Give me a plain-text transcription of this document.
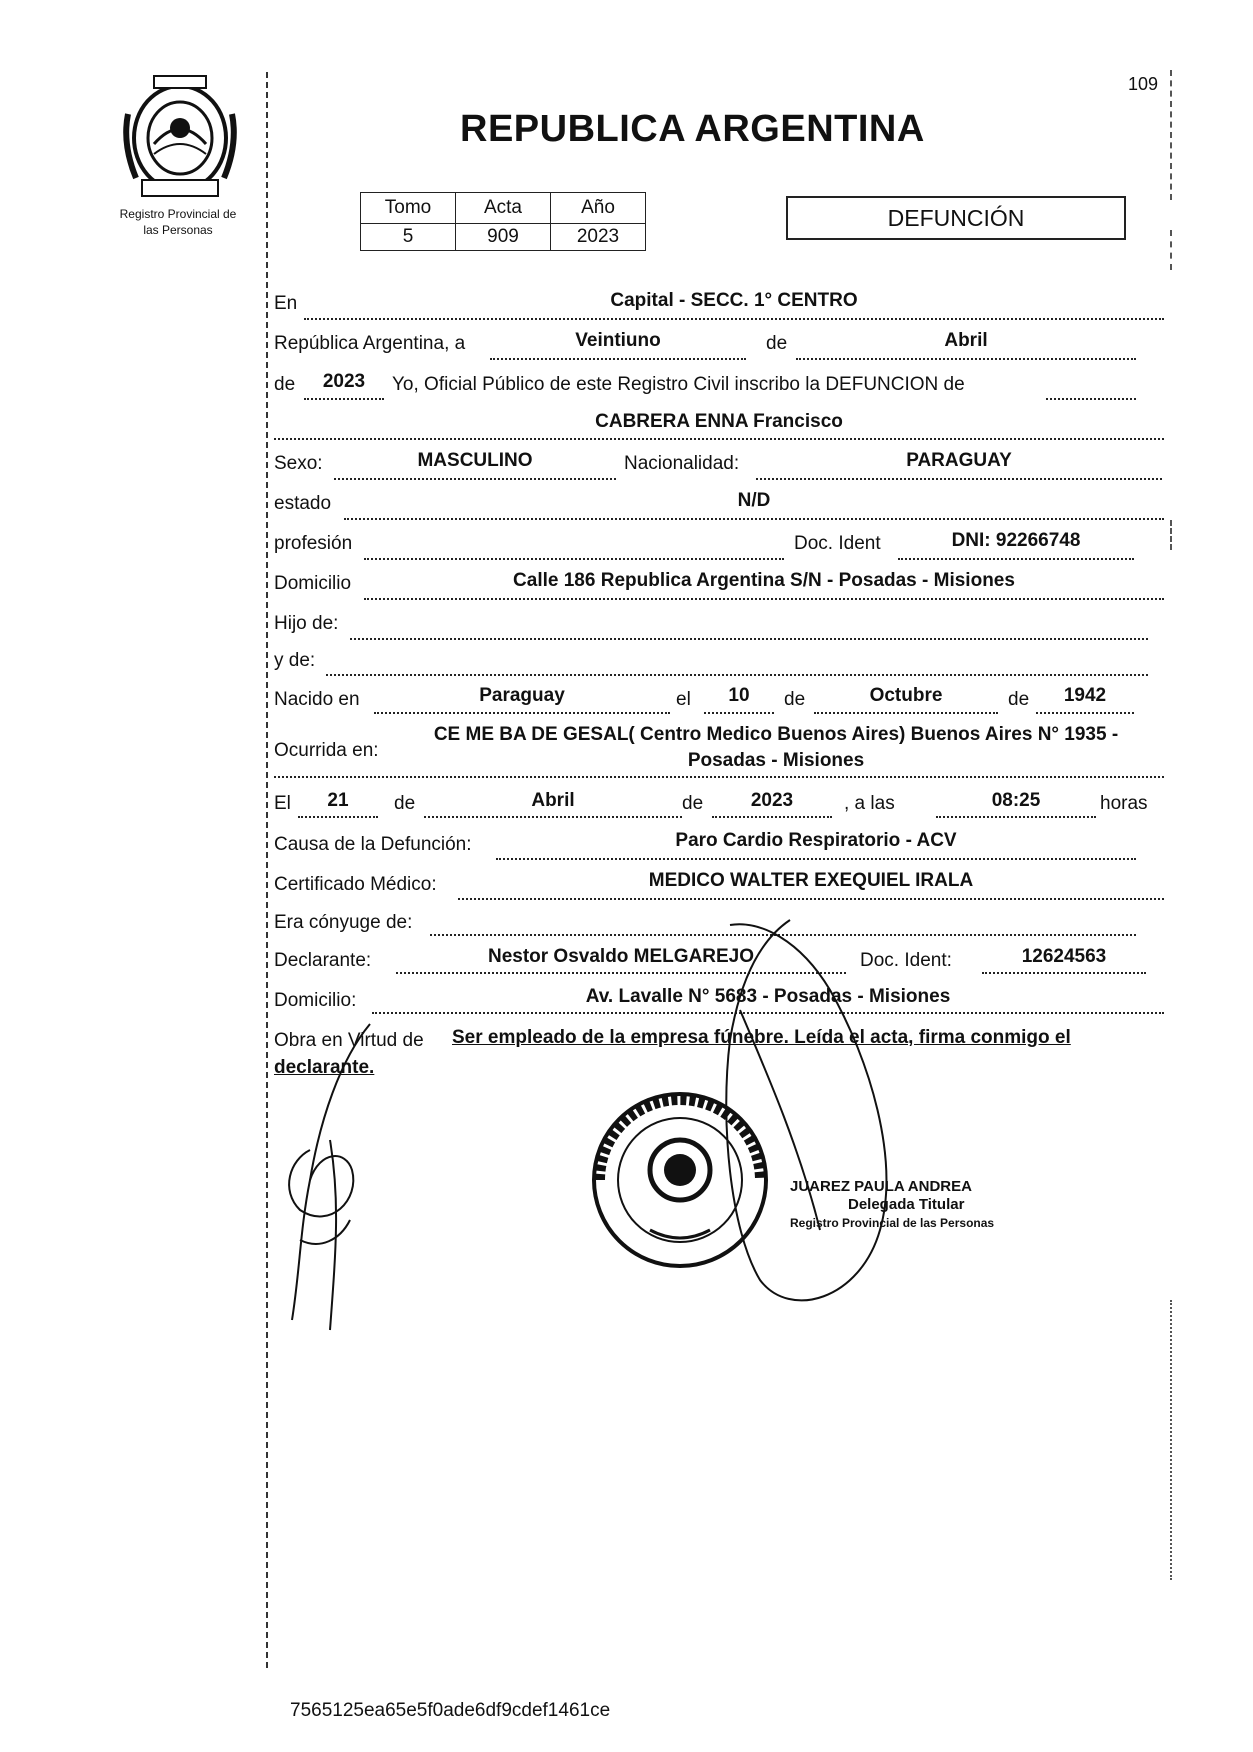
109
Registro Provincial de
las Personas
REPUBLICA ARGENTINA
Tomo	Acta	Año
5	909	2023
DEFUNCIÓN
En	Capital - SECC. 1° CENTRO
República Argentina, a	Veintiuno	de	Abril
de	2023	Yo, Oficial Público de este Registro Civil inscribo la DEFUNCION de
CABRERA ENNA Francisco
Sexo:	MASCULINO	Nacionalidad:	PARAGUAY
estado	N/D
profesión	Doc. Ident	DNI: 92266748
Domicilio	Calle 186 Republica Argentina S/N - Posadas - Misiones
Hijo de:
y de:
Nacido en	Paraguay	el	10	de	Octubre	de	1942
Ocurrida en:
CE ME BA DE GESAL( Centro Medico Buenos Aires) Buenos Aires N° 1935 -
Posadas - Misiones
El	21	de	Abril	de	2023	, a las	08:25	horas
Causa de la Defunción:	Paro Cardio Respiratorio - ACV
Certificado Médico:	MEDICO WALTER EXEQUIEL IRALA
Era cónyuge de:
Declarante:	Nestor Osvaldo MELGAREJO	Doc. Ident:	12624563
Domicilio:	Av. Lavalle N° 5683 - Posadas - Misiones
Obra en Virtud de Ser empleado de la empresa fúnebre. Leída el acta, firma conmigo el
declarante.
JUAREZ PAULA ANDREA
Delegada Titular
Registro Provincial de las Personas
7565125ea65e5f0ade6df9cdef1461ce
